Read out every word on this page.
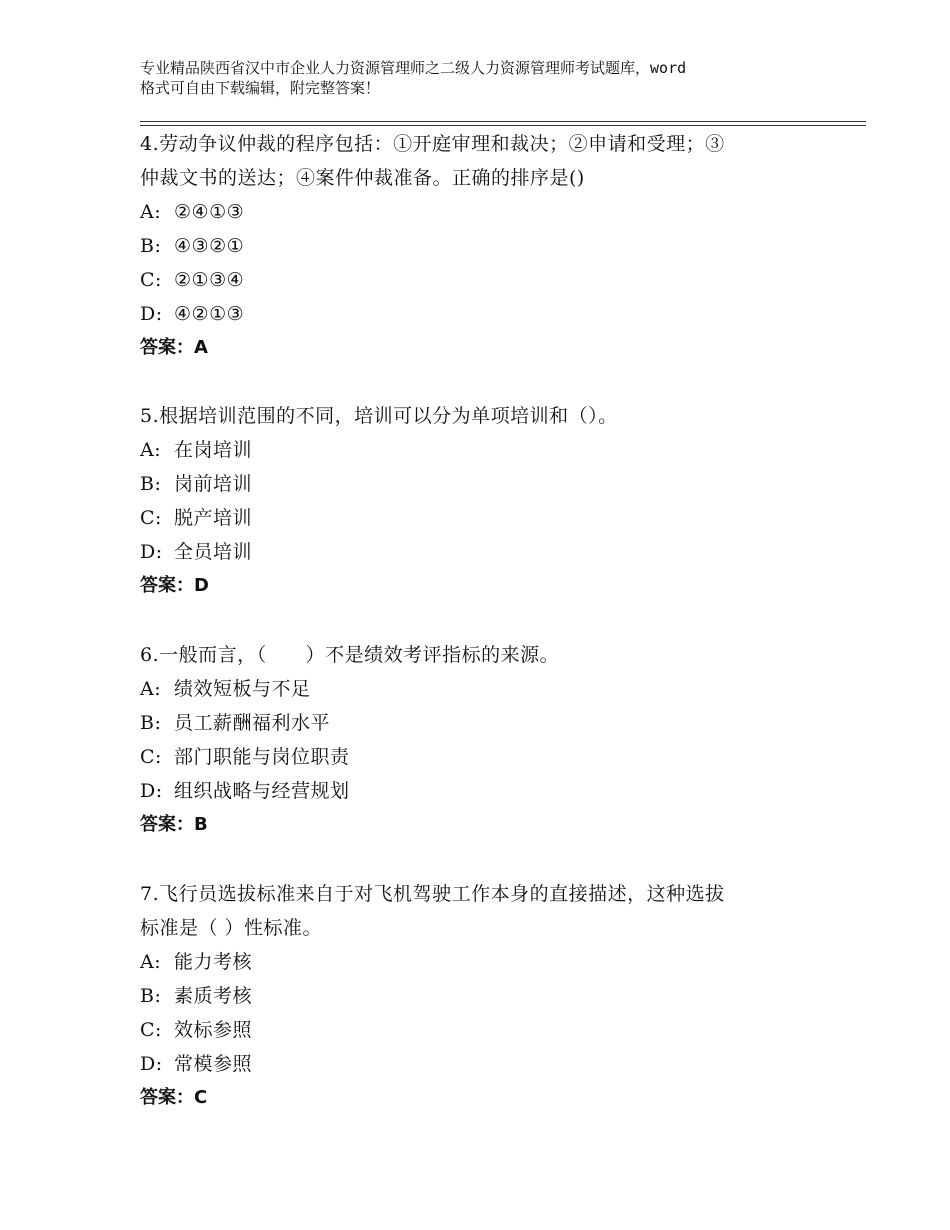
专业精品陕西省汉中市企业人力资源管理师之二级人力资源管理师考试题库，word
格式可自由下载编辑，附完整答案！

4.劳动争议仲裁的程序包括：①开庭审理和裁决；②申请和受理；③

仲裁文书的送达；④案件仲裁准备。正确的排序是()

A: ②④①③

B: ④③②①

C: ②①③④

D: ④②①③

答案：A

5.根据培训范围的不同，培训可以分为单项培训和（）。

A: 在岗培训

B: 岗前培训

C: 脱产培训

D: 全员培训

答案：D

6.一般而言，（　　）不是绩效考评指标的来源。

A: 绩效短板与不足

B: 员工薪酬福利水平

C: 部门职能与岗位职责

D: 组织战略与经营规划

答案：B

7.飞行员选拔标准来自于对飞机驾驶工作本身的直接描述，这种选拔

标准是（ ）性标准。

A: 能力考核

B: 素质考核

C: 效标参照

D: 常模参照

答案：C
